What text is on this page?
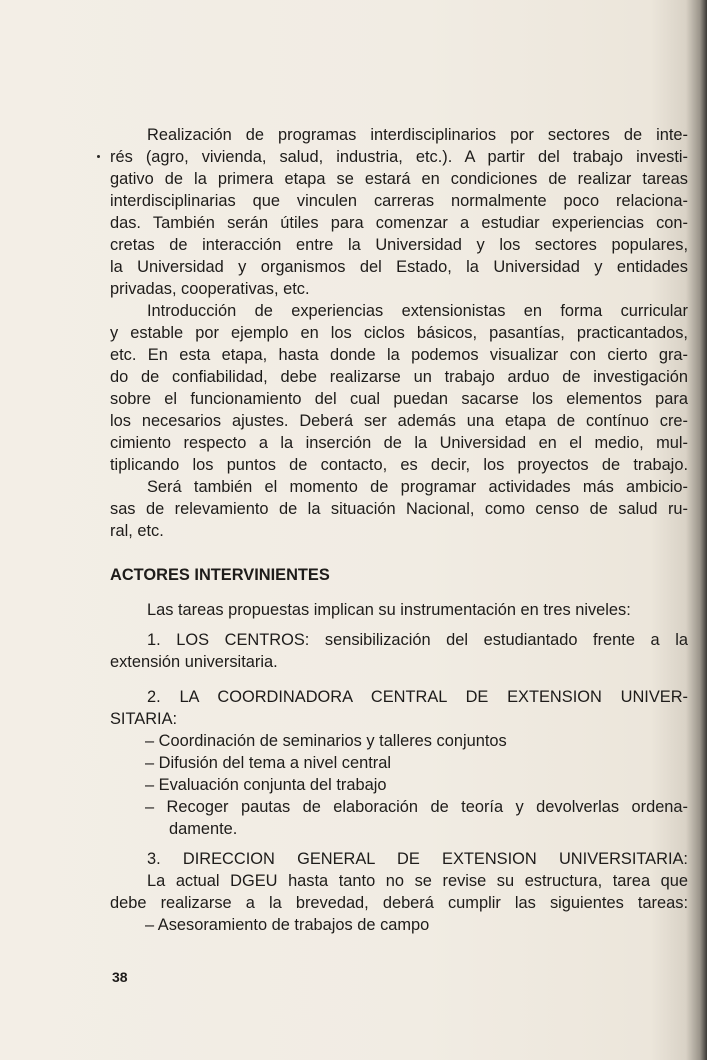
Realización de programas interdisciplinarios por sectores de inte-
rés (agro, vivienda, salud, industria, etc.). A partir del trabajo investi-
gativo de la primera etapa se estará en condiciones de realizar tareas
interdisciplinarias que vinculen carreras normalmente poco relaciona-
das. También serán útiles para comenzar a estudiar experiencias con-
cretas de interacción entre la Universidad y los sectores populares,
la Universidad y organismos del Estado, la Universidad y entidades
privadas, cooperativas, etc.
Introducción de experiencias extensionistas en forma curricular
y estable por ejemplo en los ciclos básicos, pasantías, practicantados,
etc. En esta etapa, hasta donde la podemos visualizar con cierto gra-
do de confiabilidad, debe realizarse un trabajo arduo de investigación
sobre el funcionamiento del cual puedan sacarse los elementos para
los necesarios ajustes. Deberá ser además una etapa de contínuo cre-
cimiento respecto a la inserción de la Universidad en el medio, mul-
tiplicando los puntos de contacto, es decir, los proyectos de trabajo.
Será también el momento de programar actividades más ambicio-
sas de relevamiento de la situación Nacional, como censo de salud ru-
ral, etc.
ACTORES INTERVINIENTES
Las tareas propuestas implican su instrumentación en tres niveles:
1. LOS CENTROS: sensibilización del estudiantado frente a la
extensión universitaria.
2. LA COORDINADORA CENTRAL DE EXTENSION UNIVER-
SITARIA:
– Coordinación de seminarios y talleres conjuntos
– Difusión del tema a nivel central
– Evaluación conjunta del trabajo
– Recoger pautas de elaboración de teoría y devolverlas ordena-
damente.
3. DIRECCION GENERAL DE EXTENSION UNIVERSITARIA:
La actual DGEU hasta tanto no se revise su estructura, tarea que
debe realizarse a la brevedad, deberá cumplir las siguientes tareas:
– Asesoramiento de trabajos de campo
38
